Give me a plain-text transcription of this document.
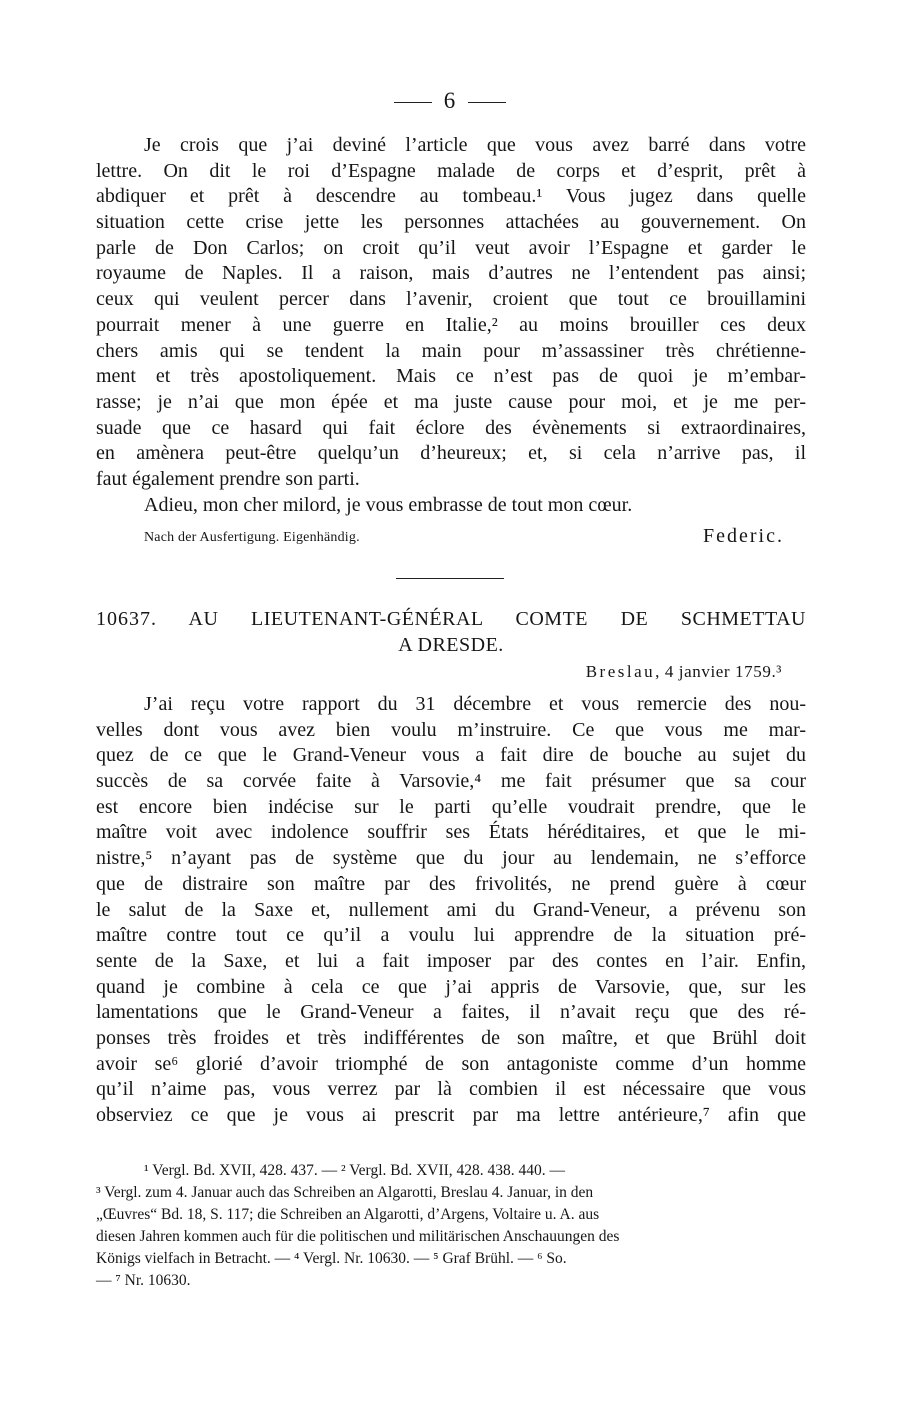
6
Je crois que j’ai deviné l’article que vous avez barré dans votre
lettre. On dit le roi d’Espagne malade de corps et d’esprit, prêt à
abdiquer et prêt à descendre au tombeau.¹ Vous jugez dans quelle
situation cette crise jette les personnes attachées au gouvernement. On
parle de Don Carlos; on croit qu’il veut avoir l’Espagne et garder le
royaume de Naples. Il a raison, mais d’autres ne l’entendent pas ainsi;
ceux qui veulent percer dans l’avenir, croient que tout ce brouillamini
pourrait mener à une guerre en Italie,² au moins brouiller ces deux
chers amis qui se tendent la main pour m’assassiner très chrétienne-
ment et très apostoliquement. Mais ce n’est pas de quoi je m’embar-
rasse; je n’ai que mon épée et ma juste cause pour moi, et je me per-
suade que ce hasard qui fait éclore des évènements si extraordinaires,
en amènera peut-être quelqu’un d’heureux; et, si cela n’arrive pas, il
faut également prendre son parti.
Adieu, mon cher milord, je vous embrasse de tout mon cœur.
Nach der Ausfertigung. Eigenhändig.	Federic.
10637. AU LIEUTENANT-GÉNÉRAL COMTE DE SCHMETTAU
A DRESDE.
Breslau, 4 janvier 1759.³
J’ai reçu votre rapport du 31 décembre et vous remercie des nou-
velles dont vous avez bien voulu m’instruire. Ce que vous me mar-
quez de ce que le Grand-Veneur vous a fait dire de bouche au sujet du
succès de sa corvée faite à Varsovie,⁴ me fait présumer que sa cour
est encore bien indécise sur le parti qu’elle voudrait prendre, que le
maître voit avec indolence souffrir ses États héréditaires, et que le mi-
nistre,⁵ n’ayant pas de système que du jour au lendemain, ne s’efforce
que de distraire son maître par des frivolités, ne prend guère à cœur
le salut de la Saxe et, nullement ami du Grand-Veneur, a prévenu son
maître contre tout ce qu’il a voulu lui apprendre de la situation pré-
sente de la Saxe, et lui a fait imposer par des contes en l’air. Enfin,
quand je combine à cela ce que j’ai appris de Varsovie, que, sur les
lamentations que le Grand-Veneur a faites, il n’avait reçu que des ré-
ponses très froides et très indifférentes de son maître, et que Brühl doit
avoir se⁶ glorié d’avoir triomphé de son antagoniste comme d’un homme
qu’il n’aime pas, vous verrez par là combien il est nécessaire que vous
observiez ce que je vous ai prescrit par ma lettre antérieure,⁷ afin que
¹ Vergl. Bd. XVII, 428. 437. — ² Vergl. Bd. XVII, 428. 438. 440. —
³ Vergl. zum 4. Januar auch das Schreiben an Algarotti, Breslau 4. Januar, in den
„Œuvres“ Bd. 18, S. 117; die Schreiben an Algarotti, d’Argens, Voltaire u. A. aus
diesen Jahren kommen auch für die politischen und militärischen Anschauungen des
Königs vielfach in Betracht. — ⁴ Vergl. Nr. 10630. — ⁵ Graf Brühl. — ⁶ So.
— ⁷ Nr. 10630.
